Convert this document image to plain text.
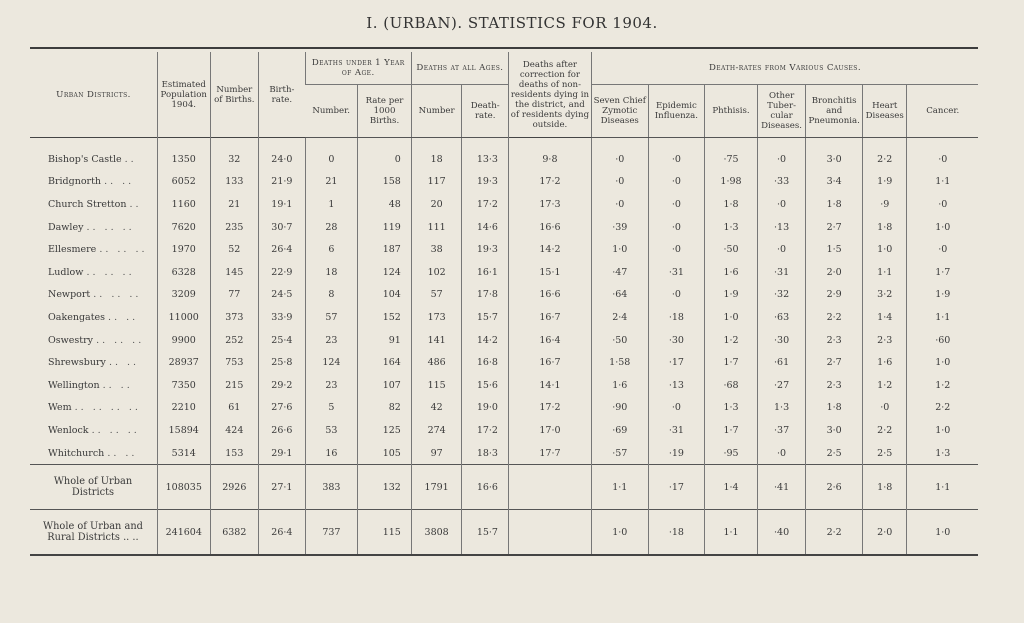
I. (URBAN). STATISTICS FOR 1904.
Urban Districts.	Estimated Population 1904.	Number of Births.	Birth-rate.	Deaths under 1 Year of Age.		Deaths at all Ages.		Deaths after correction for deaths of non-residents dying in the district, and of residents dying outside.	Death-rates from Various Causes.						
				Number.	Rate per 1000 Births.	Number	Death-rate.		Seven Chief Zymotic Diseases	Epidemic Influenza.	Phthisis.	Other Tuber-cular Diseases.	Bronchitis and Pneumonia.	Heart Diseases	Cancer.
Bishop's Castle ..	1350	32	24·0	0	0	18	13·3	9·8	·0	·0	·75	·0	3·0	2·2	·0
Bridgnorth .. ..	6052	133	21·9	21	158	117	19·3	17·2	·0	·0	1·98	·33	3·4	1·9	1·1
Church Stretton ..	1160	21	19·1	1	48	20	17·2	17·3	·0	·0	1·8	·0	1·8	·9	·0
Dawley .. .. ..	7620	235	30·7	28	119	111	14·6	16·6	·39	·0	1·3	·13	2·7	1·8	1·0
Ellesmere .. .. ..	1970	52	26·4	6	187	38	19·3	14·2	1·0	·0	·50	·0	1·5	1·0	·0
Ludlow .. .. ..	6328	145	22·9	18	124	102	16·1	15·1	·47	·31	1·6	·31	2·0	1·1	1·7
Newport .. .. ..	3209	77	24·5	8	104	57	17·8	16·6	·64	·0	1·9	·32	2·9	3·2	1·9
Oakengates .. ..	11000	373	33·9	57	152	173	15·7	16·7	2·4	·18	1·0	·63	2·2	1·4	1·1
Oswestry .. .. ..	9900	252	25·4	23	91	141	14·2	16·4	·50	·30	1·2	·30	2·3	2·3	·60
Shrewsbury .. ..	28937	753	25·8	124	164	486	16·8	16·7	1·58	·17	1·7	·61	2·7	1·6	1·0
Wellington .. ..	7350	215	29·2	23	107	115	15·6	14·1	1·6	·13	·68	·27	2·3	1·2	1·2
Wem .. .. .. ..	2210	61	27·6	5	82	42	19·0	17·2	·90	·0	1·3	1·3	1·8	·0	2·2
Wenlock .. .. ..	15894	424	26·6	53	125	274	17·2	17·0	·69	·31	1·7	·37	3·0	2·2	1·0
Whitchurch .. ..	5314	153	29·1	16	105	97	18·3	17·7	·57	·19	·95	·0	2·5	2·5	1·3
Whole of Urban Districts	108035	2926	27·1	383	132	1791	16·6		1·1	·17	1·4	·41	2·6	1·8	1·1
Whole of Urban and Rural Districts .. ..	241604	6382	26·4	737	115	3808	15·7		1·0	·18	1·1	·40	2·2	2·0	1·0
